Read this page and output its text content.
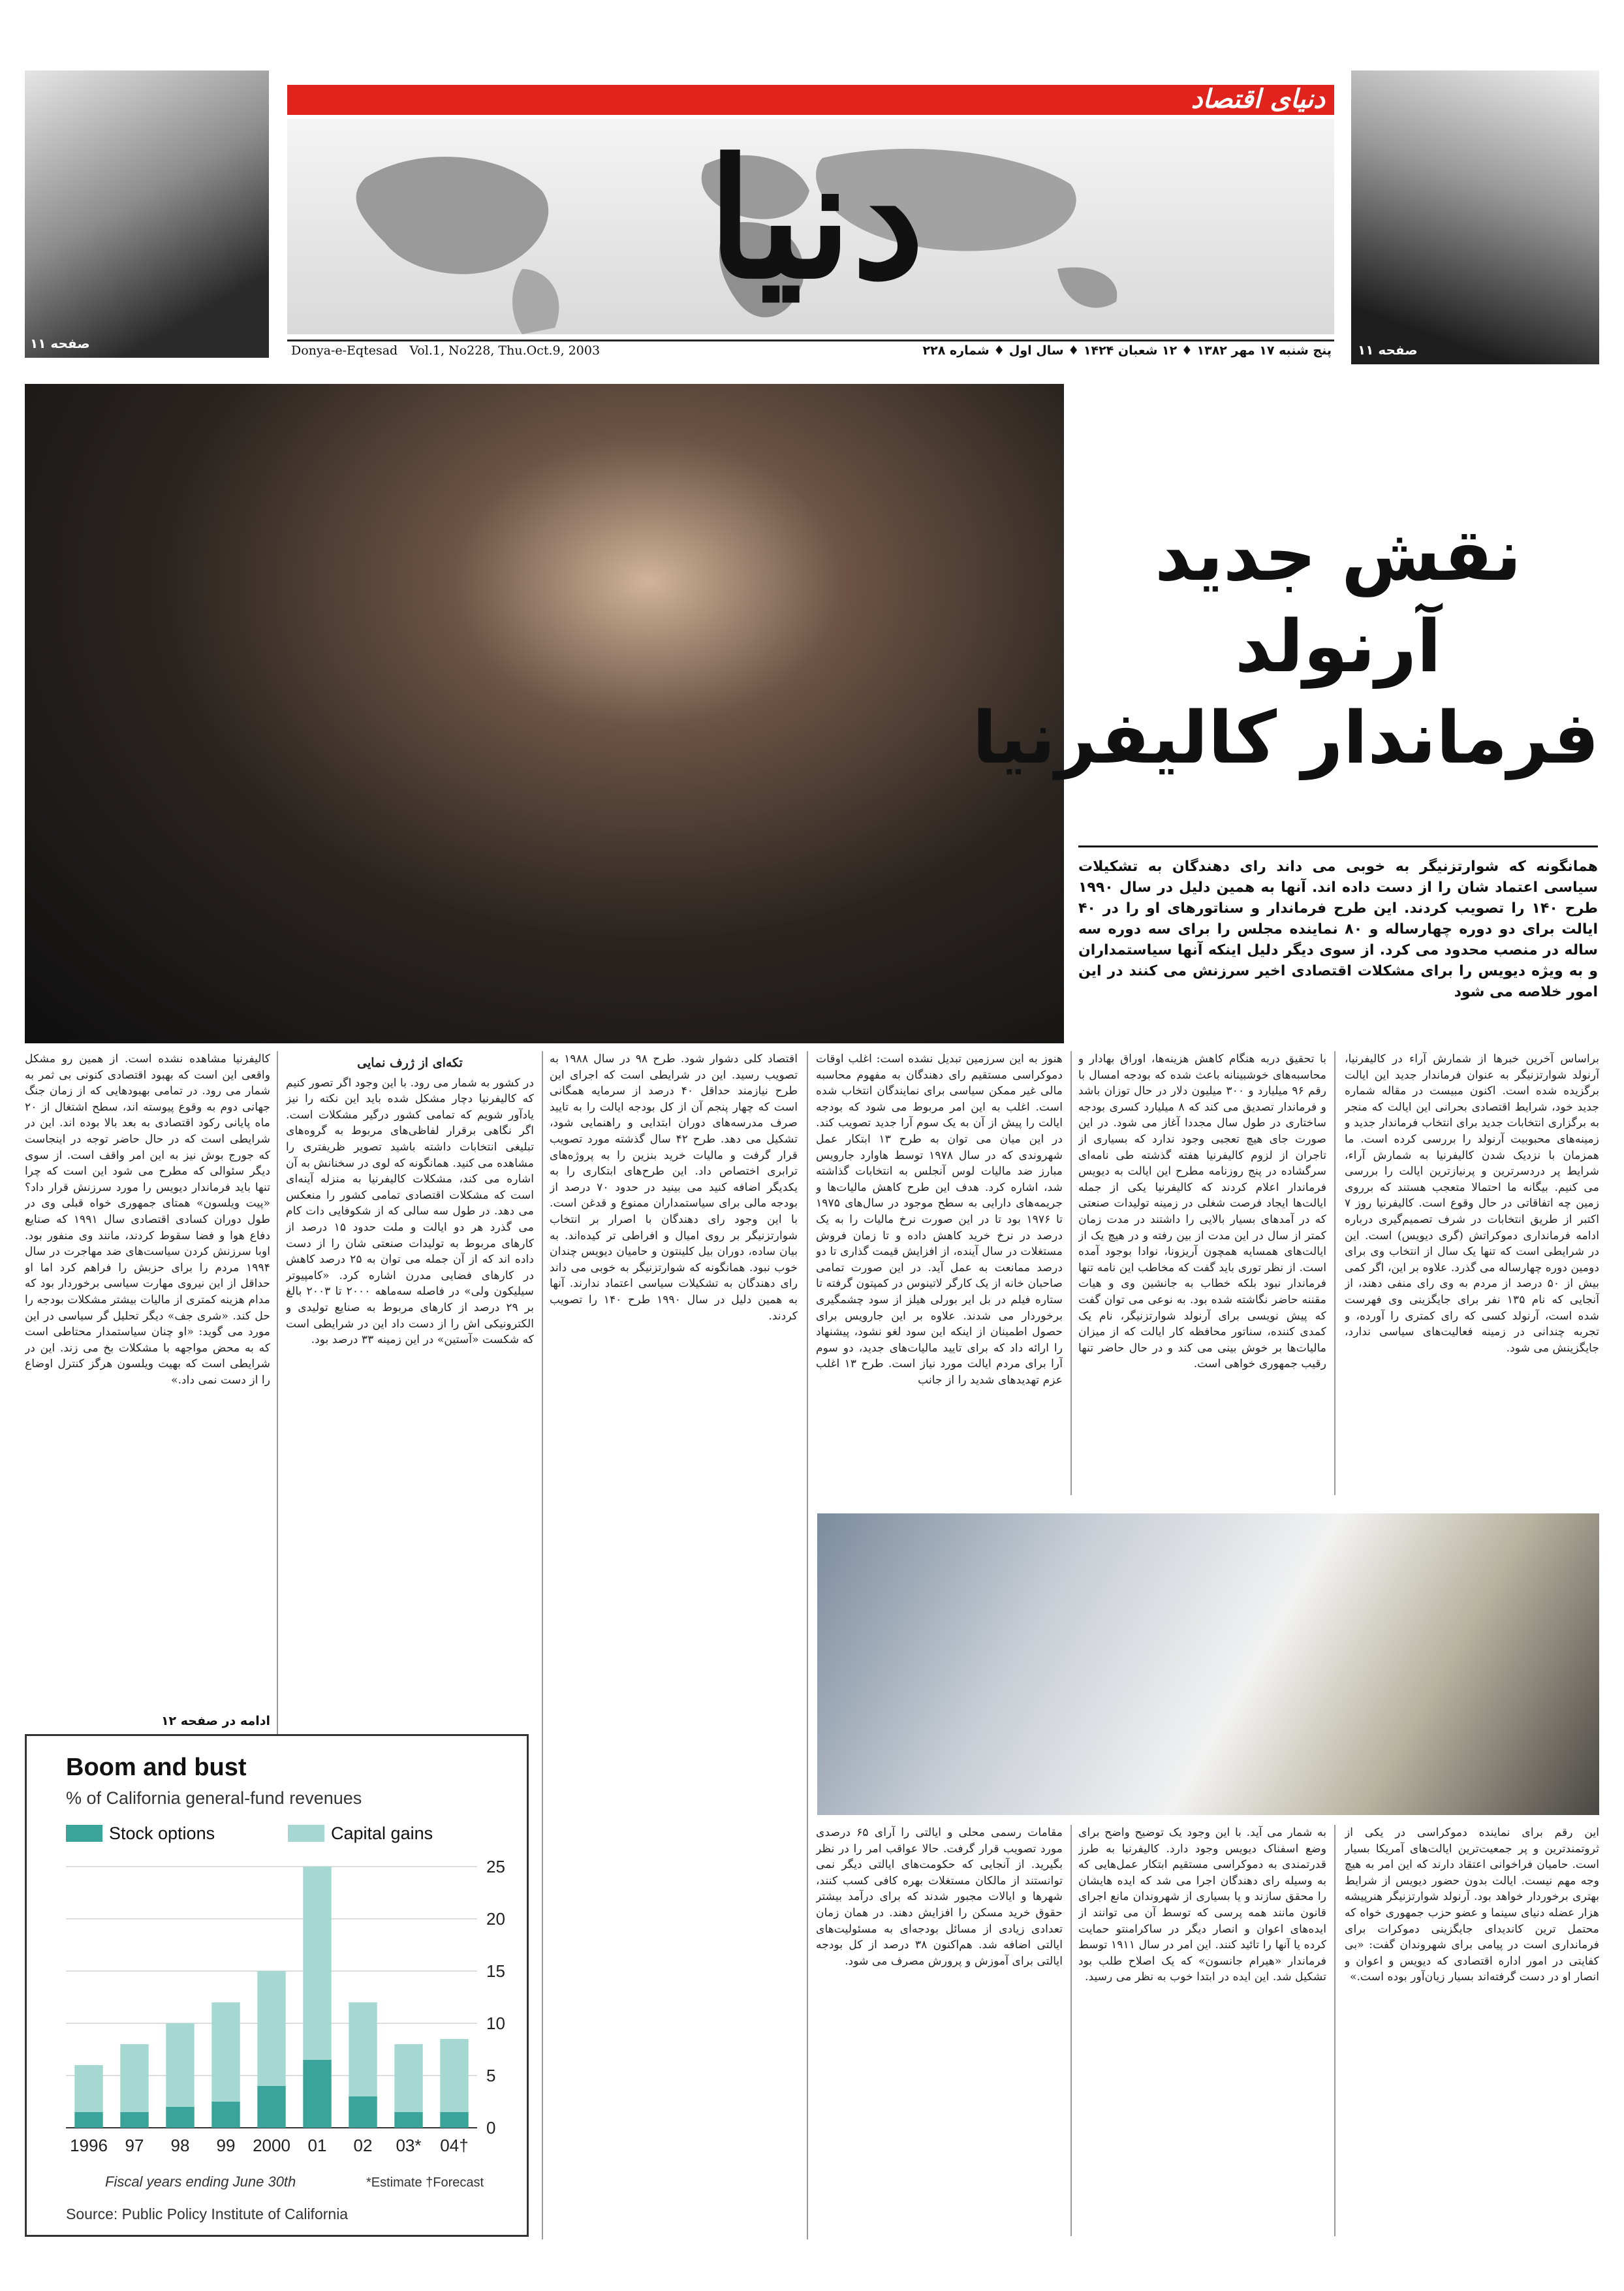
صفحه ۱۱
دنیای اقتصاد
دنیا
پنج شنبه ۱۷ مهر ۱۳۸۲ ♦ ۱۲ شعبان ۱۴۲۴ ♦ سال اول ♦ شماره ۲۲۸
Donya-e-Eqtesad   Vol.1, No228, Thu.Oct.9, 2003	صفحه ۱۱
نقش جدید
آرنولد
فرماندار کالیفرنیا
همانگونه که شوارتزنیگر به خوبی می داند رای دهندگان به تشکیلات سیاسی اعتماد شان را از دست داده اند. آنها به همین دلیل در سال ۱۹۹۰ طرح ۱۴۰ را تصویب کردند. این طرح فرماندار و سناتورهای او را در ۴۰ ایالت برای دو دوره چهارساله و ۸۰ نماینده مجلس را برای سه دوره سه ساله در منصب محدود می کرد. از سوی دیگر دلیل اینکه آنها سیاستمداران و به ویژه دیویس را برای مشکلات اقتصادی اخیر سرزنش می کنند در این امور خلاصه می شود
براساس آخرین خبرها از شمارش آراء در کالیفرنیا، آرنولد شوارتزنیگر به عنوان فرماندار جدید این ایالت برگزیده شده است. اکنون مبیست در مقاله شماره جدید خود، شرایط اقتصادی بحرانی این ایالت که منجر به برگزاری انتخابات جدید برای انتخاب فرماندار جدید و زمینه‌های محبوبیت آرنولد را بررسی کرده است. ما همزمان با نزدیک شدن کالیفرنیا به شمارش آراء، شرایط پر دردسرترین و پرنیازترین ایالت را بررسی می کنیم. بیگانه ما احتمالا متعجب هستند که برروی زمین چه اتفاقاتی در حال وقوع است. کالیفرنیا روز ۷ اکتبر از طریق انتخابات در شرف تصمیم‌گیری درباره ادامه فرمانداری دموکراتش (گری دیویس) است. این در شرایطی است که تنها یک سال از انتخاب وی برای دومین دوره چهارساله می گذرد. علاوه بر این، اگر کمی بیش از ۵۰ درصد از مردم به وی رای منفی دهند، از آنجایی که نام ۱۳۵ نفر برای جایگزینی وی فهرست شده است، آرنولد کسی که رای کمتری را آورده، و تجربه چندانی در زمینه فعالیت‌های سیاسی ندارد، جایگزینش می شود.
با تحقیق دربه هنگام کاهش هزینه‌ها، اوراق بهادار و محاسبه‌های خوشبینانه باعث شده که بودجه امسال با رقم ۹۶ میلیارد و ۳۰۰ میلیون دلار در حال توزان باشد و فرماندار تصدیق می کند که ۸ میلیارد کسری بودجه ساختاری در طول سال مجددا آغاز می شود. در این صورت جای هیچ تعجبی وجود ندارد که بسیاری از تاجران از لزوم کالیفرنیا هفته گذشته طی نامه‌ای سرگشاده در پنج روزنامه مطرح این ایالت به دیویس فرماندار اعلام کردند که کالیفرنیا یکی از جمله ایالت‌ها ایجاد فرصت شغلی در زمینه تولیدات صنعتی که در آمدهای بسیار بالایی را داشتند در مدت زمان کمتر از سال در این مدت از بین رفته و در هیچ یک از ایالت‌های همسایه همچون آریزونا، نوادا بوجود آمده است. از نظر توری باید گفت که مخاطب این نامه تنها فرماندار نبود بلکه خطاب به جانشین وی و هیات مقننه حاضر نگاشته شده بود. به نوعی می توان گفت که پیش نویسی برای آرنولد شوارتزنیگر، نام یک کمدی کننده، سناتور محافظه کار ایالت که از میزان مالیات‌ها بر خوش بینی می کند و در حال حاضر تنها رقیب جمهوری خواهی است.
هنوز به این سرزمین تبدیل نشده است: اغلب اوقات دموکراسی مستقیم رای دهندگان به مفهوم محاسبه مالی غیر ممکن سیاسی برای نمایندگان انتخاب شده است. اغلب به این امر مربوط می شود که بودجه ایالت را پیش از آن به یک سوم آرا جدید تصویب کند. در این میان می توان به طرح ۱۳ ابتکار عمل شهروندی که در سال ۱۹۷۸ توسط هاوارد جارویس مبارز ضد مالیات لوس آنجلس به انتخابات گذاشته شد، اشاره کرد. هدف این طرح کاهش مالیات‌ها و جریمه‌های دارایی به سطح موجود در سال‌های ۱۹۷۵ تا ۱۹۷۶ بود تا در این صورت نرخ مالیات را به یک درصد در نرخ خرید کاهش داده و تا زمان فروش مستغلات در سال آینده، از افزایش قیمت گذاری تا دو درصد ممانعت به عمل آید. در این صورت تمامی صاحبان خانه از یک کارگر لاتینوس در کمپتون گرفته تا ستاره فیلم در بل ایر بورلی هیلز از سود چشمگیری برخوردار می شدند. علاوه بر این جارویس برای حصول اطمینان از اینکه این سود لغو نشود، پیشنهاد را ارائه داد که برای تایید مالیات‌های جدید، دو سوم آرا برای مردم ایالت مورد نیاز است. طرح ۱۳ اغلب عزم تهدیدهای شدید را از جانب
اقتصاد کلی دشوار شود. طرح ۹۸ در سال ۱۹۸۸ به تصویب رسید. این در شرایطی است که اجرای این طرح نیازمند حداقل ۴۰ درصد از سرمایه همگانی است که چهار پنجم آن از کل بودجه ایالت را به تایید صرف مدرسه‌های دوران ابتدایی و راهنمایی شود، تشکیل می دهد. طرح ۴۲ سال گذشته مورد تصویب قرار گرفت و مالیات خرید بنزین را به پروژه‌های ترابری اختصاص داد. این طرح‌های ابتکاری را به یکدیگر اضافه کنید می بینید در حدود ۷۰ درصد از بودجه مالی برای سیاستمداران ممنوع و قدغن است. با این وجود رای دهندگان با اصرار بر انتخاب شوارتزنیگر بر روی امیال و افراطی تر کیده‌اند. به بیان ساده، دوران بیل کلینتون و حامیان دیویس چندان خوب نبود. همانگونه که شوارتزنیگر به خوبی می داند رای دهندگان به تشکیلات سیاسی اعتماد ندارند. آنها به همین دلیل در سال ۱۹۹۰ طرح ۱۴۰ را تصویب کردند.
تکه‌ای از ژرف نمایی

در کشور به شمار می رود. با این وجود اگر تصور کنیم که کالیفرنیا دچار مشکل شده باید این نکته را نیز یادآور شویم که تمامی کشور درگیر مشکلات است. اگر نگاهی برقرار لفاظی‌های مربوط به گروه‌های تبلیغی انتخابات داشته باشید تصویر ظریفتری را مشاهده می کنید. همانگونه که لوی در سخنانش به آن اشاره می کند، مشکلات کالیفرنیا به منزله آینه‌ای است که مشکلات اقتصادی تمامی کشور را منعکس می دهد. در طول سه سالی که از شکوفایی دات کام می گذرد هر دو ایالت و ملت حدود ۱۵ درصد از کارهای مربوط به تولیدات صنعتی شان را از دست داده اند که از آن جمله می توان به ۲۵ درصد کاهش در کارهای فضایی مدرن اشاره کرد. «کامپیوتر سیلیکون ولی» در فاصله سه‌ماهه ۲۰۰۰ تا ۲۰۰۳ بالغ بر ۲۹ درصد از کارهای مربوط به صنایع تولیدی و الکترونیکی اش را از دست داد این در شرایطی است که شکست «آستین» در این زمینه ۳۳ درصد بود.

کالیفرنیا مشاهده نشده است. از همین رو مشکل واقعی این است که بهبود اقتصادی کنونی بی ثمر به شمار می رود. در تمامی بهبودهایی که از زمان جنگ جهانی دوم به وقوع پیوسته اند، سطح اشتغال از ۲۰ ماه پایانی رکود اقتصادی به بعد بالا بوده اند. این در شرایطی است که در حال حاضر توجه در اینجاست که جورج بوش نیز به این امر واقف است. از سوی دیگر سئوالی که مطرح می شود این است که چرا تنها باید فرماندار دیویس را مورد سرزنش قرار داد؟ «پیت ویلسون» همتای جمهوری خواه قبلی وی در طول دوران کسادی اقتصادی سال ۱۹۹۱ که صنایع دفاع هوا و فضا سقوط کردند، مانند وی منفور بود. اوبا سرزنش کردن سیاست‌های ضد مهاجرت در سال ۱۹۹۴ مردم را برای حزبش را فراهم کرد اما او حداقل از این نیروی مهارت سیاسی برخوردار بود که مدام هزینه کمتری از مالیات بیشتر مشکلات بودجه را حل کند. «شری جف» دیگر تحلیل گر سیاسی در این مورد می گوید: «او چنان سیاستمدار محتاطی است که به محض مواجهه با مشکلات بخ می زند. این در شرایطی است که بهیت ویلسون هرگز کنترل اوضاع را از دست نمی داد.»
ادامه در صفحه ۱۲
این رقم برای نماینده دموکراسی در یکی از ثروتمندترین و پر جمعیت‌ترین ایالت‌های آمریکا بسیار است. حامیان فراخوانی اعتقاد دارند که این امر به هیچ وجه مهم نیست. ایالت بدون حضور دیویس از شرایط بهتری برخوردار خواهد بود. آرنولد شوارتزنیگر هنرپیشه هزار عضله دنیای سینما و عضو حزب جمهوری خواه که محتمل ترین کاندیدای جایگزینی دموکرات برای فرمانداری است در پیامی برای شهروندان گفت: «بی کفایتی در امور اداره اقتصادی که دیویس و اعوان و انصار او در دست گرفته‌اند بسیار زیان‌آور بوده است.»
به شمار می آید. با این وجود یک توضیح واضح برای وضع اسفناک دیویس وجود دارد. کالیفرنیا به طرز قدرتمندی به دموکراسی مستقیم ابتکار عمل‌هایی که به وسیله رای دهندگان اجرا می شد که ایده هایشان را محقق سازند و یا بسیاری از شهروندان مانع اجرای قانون مانند همه پرسی که توسط آن می توانند از ایده‌های اعوان و انصار دیگر در ساکرامنتو حمایت کرده یا آنها را تائید کنند. این امر در سال ۱۹۱۱ توسط فرماندار «هیرام جانسون» که یک اصلاح طلب بود تشکیل شد. این ایده در ابتدا خوب به نظر می رسید.
مقامات رسمی محلی و ایالتی را آرای ۶۵ درصدی مورد تصویب قرار گرفت. حالا عواقب امر را در نظر بگیرید. از آنجایی که حکومت‌های ایالتی دیگر نمی توانستند از مالکان مستغلات بهره کافی کسب کنند، شهرها و ایالات مجبور شدند که برای درآمد بیشتر حقوق خرید مسکن را افزایش دهند. در همان زمان تعدادی زیادی از مسائل بودجه‌ای به مسئولیت‌های ایالتی اضافه شد. هم‌اکنون ۳۸ درصد از کل بودجه ایالتی برای آموزش و پرورش مصرف می شود.
Boom and bust
% of California general-fund revenues
Stock options	Capital gains
0
5
10
15
20
25
1996 97 98 99 2000 01 02 03* 04†
Fiscal years ending June 30th	*Estimate †Forecast
Source: Public Policy Institute of California
